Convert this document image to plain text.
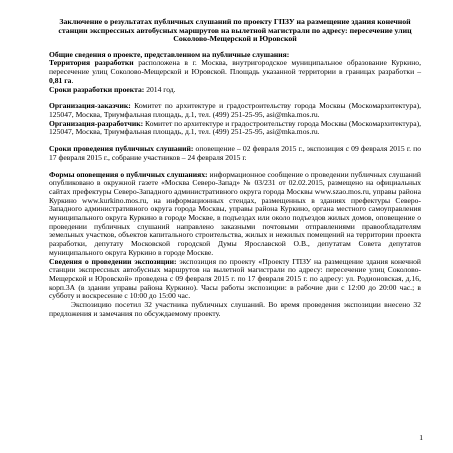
Заключение о результатах публичных слушаний по проекту ГПЗУ на размещение здания конечной станции экспрессных автобусных маршрутов на вылетной магистрали по адресу: пересечение улиц Соколово-Мещерской и Юровской

Общие сведения о проекте, представленном на публичные слушания:

Территория разработки расположена в г. Москва, внутригородское муниципальное образование Куркино, пересечение улиц Соколово-Мещерской и Юровской. Площадь указанной территории в границах разработки – 0,81 га.

Сроки разработки проекта: 2014 год.

Организация-заказчик: Комитет по архитектуре и градостроительству города Москвы (Москомархитектура), 125047, Москва, Триумфальная площадь, д.1, тел. (499) 251-25-95, asi@mka.mos.ru.

Организация-разработчик: Комитет по архитектуре и градостроительству города Москвы (Москомархитектура), 125047, Москва, Триумфальная площадь, д.1, тел. (499) 251-25-95, asi@mka.mos.ru.

Сроки проведения публичных слушаний: оповещение – 02 февраля 2015 г., экспозиция с 09 февраля 2015 г. по 17 февраля 2015 г., собрание участников – 24 февраля 2015 г.

Формы оповещения о публичных слушаниях: информационное сообщение о проведении публичных слушаний опубликовано в окружной газете «Москва Северо-Запад» № 03/231 от 02.02.2015, размещено на официальных сайтах префектуры Северо-Западного административного округа города Москвы www.szao.mos.ru, управы района Куркино www.kurkino.mos.ru, на информационных стендах, размещенных в зданиях префектуры Северо-Западного административного округа города Москвы, управы района Куркино, органа местного самоуправления муниципального округа Куркино в городе Москве, в подъездах или около подъездов жилых домов, оповещение о проведении публичных слушаний направлено заказными почтовыми отправлениями правообладателям земельных участков, объектов капитального строительства, жилых и нежилых помещений на территории проекта разработки, депутату Московской городской Думы Ярославской О.В., депутатам Совета депутатов муниципального округа Куркино в городе Москве.

Сведения о проведении экспозиции: экспозиция по проекту «Проекту ГПЗУ на размещение здания конечной станции экспрессных автобусных маршрутов на вылетной магистрали по адресу: пересечение улиц Соколово-Мещерской и Юровской» проведена с 09 февраля 2015 г. по 17 февраля 2015 г. по адресу: ул. Родионовская, д.16, корп.3А (в здании управы района Куркино). Часы работы экспозиции: в рабочие дни с 12:00 до 20:00 час.; в субботу и воскресение с 10:00 до 15:00 час.

Экспозицию посетил 32 участника публичных слушаний. Во время проведения экспозиции внесено 32 предложения и замечания по обсуждаемому проекту.

1
